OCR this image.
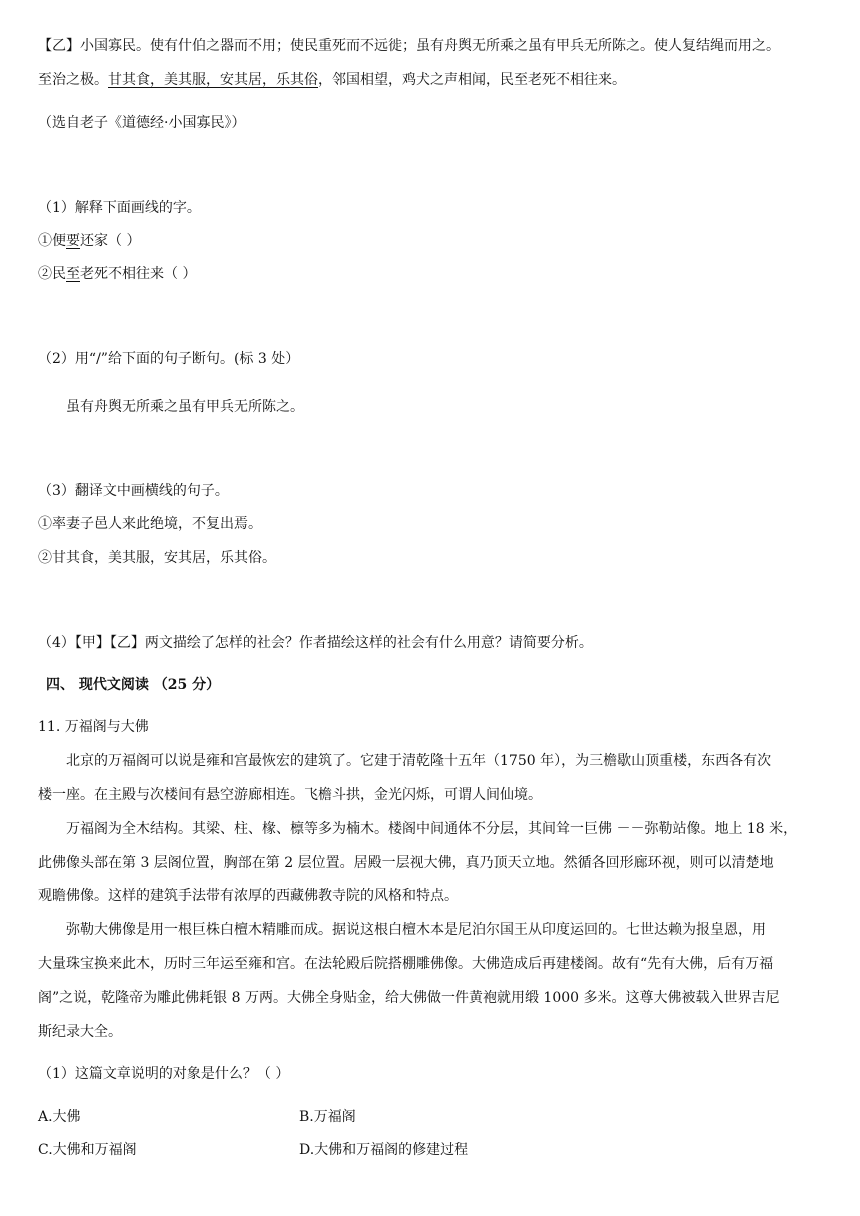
【乙】小国寡民。使有什伯之器而不用；使民重死而不远徙；虽有舟舆无所乘之虽有甲兵无所陈之。使人复结绳而用之。
至治之极。甘其食，美其服，安其居，乐其俗，邻国相望，鸡犬之声相闻，民至老死不相往来。
（选自老子《道德经·小国寡民》）
（1）解释下面画线的字。
①便要还家（ ）
②民至老死不相往来（ ）
（2）用“/”给下面的句子断句。(标 3 处）
虽有舟舆无所乘之虽有甲兵无所陈之。
（3）翻译文中画横线的句子。
①率妻子邑人来此绝境，不复出焉。
②甘其食，美其服，安其居，乐其俗。
（4）【甲】【乙】两文描绘了怎样的社会？作者描绘这样的社会有什么用意？请简要分析。
四、 现代文阅读 （25 分）
11. 万福阁与大佛
北京的万福阁可以说是雍和宫最恢宏的建筑了。它建于清乾隆十五年（1750 年），为三檐歇山顶重楼，东西各有次
楼一座。在主殿与次楼间有悬空游廊相连。飞檐斗拱，金光闪烁，可谓人间仙境。
万福阁为全木结构。其梁、柱、椽、檩等多为楠木。楼阁中间通体不分层，其间耸一巨佛 －－弥勒站像。地上 18 米，
此佛像头部在第 3 层阁位置，胸部在第 2 层位置。居殿一层视大佛，真乃顶天立地。然循各回形廊环视，则可以清楚地
观瞻佛像。这样的建筑手法带有浓厚的西藏佛教寺院的风格和特点。
弥勒大佛像是用一根巨株白檀木精雕而成。据说这根白檀木本是尼泊尔国王从印度运回的。七世达赖为报皇恩，用
大量珠宝换来此木，历时三年运至雍和宫。在法轮殿后院搭棚雕佛像。大佛造成后再建楼阁。故有“先有大佛，后有万福
阁”之说，乾隆帝为雕此佛耗银 8 万两。大佛全身贴金，给大佛做一件黄袍就用缎 1000 多米。这尊大佛被载入世界吉尼
斯纪录大全。
（1）这篇文章说明的对象是什么？（ ）
A.大佛	B.万福阁
C.大佛和万福阁	D.大佛和万福阁的修建过程
